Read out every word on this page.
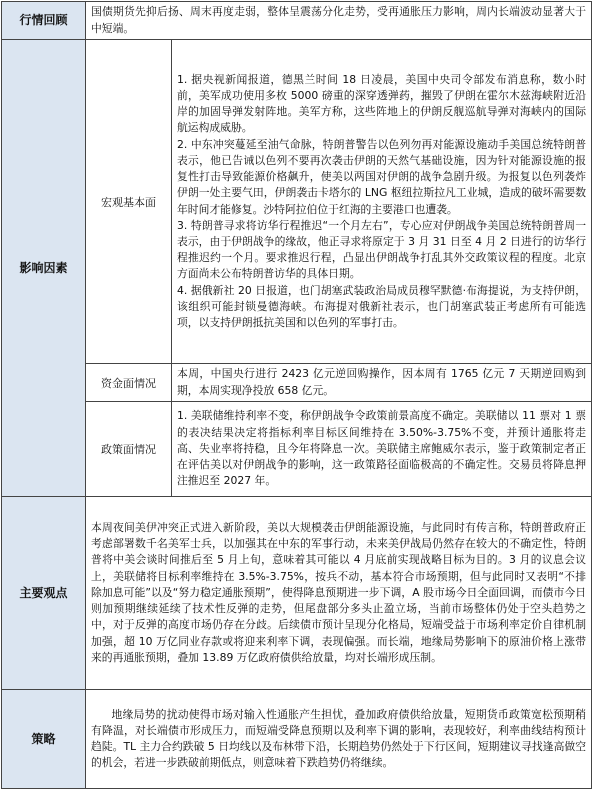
行情回顾	国债期货先抑后扬、周末再度走弱，整体呈震荡分化走势，受再通胀压力影响，周内长端波动显著大于中短端。	

影响因素	宏观基本面	1. 据央视新闻报道，德黑兰时间 18 日凌晨，美国中央司令部发布消息称，数小时前，美军成功使用多枚 5000 磅重的深穿透弹药，摧毁了伊朗在霍尔木兹海峡附近沿岸的加固导弹发射阵地。美军方称，这些阵地上的伊朗反舰巡航导弹对海峡内的国际航运构成威胁。

2. 中东冲突蔓延至油气命脉，特朗普警告以色列勿再对能源设施动手美国总统特朗普表示，他已告诫以色列不要再次袭击伊朗的天然气基础设施，因为针对能源设施的报复性打击导致能源价格飙升，使美以两国对伊朗的战争急剧升级。为报复以色列袭炸伊朗一处主要气田，伊朗袭击卡塔尔的 LNG 枢纽拉斯拉凡工业城，造成的破坏需要数年时间才能修复。沙特阿拉伯位于红海的主要港口也遭袭。

3. 特朗普寻求将访华行程推迟“一个月左右”，专心应对伊朗战争美国总统特朗普周一表示，由于伊朗战争的缘故，他正寻求将原定于 3 月 31 日至 4 月 2 日进行的访华行程推迟约一个月。要求推迟行程，凸显出伊朗战争打乱其外交政策议程的程度。北京方面尚未公布特朗普访华的具体日期。

4. 据俄新社 20 日报道，也门胡塞武装政治局成员穆罕默德·布海提说，为支持伊朗，该组织可能封锁曼德海峡。布海提对俄新社表示，也门胡塞武装正考虑所有可能选项，以支持伊朗抵抗美国和以色列的军事打击。

	资金面情况	本周，中国央行进行 2423 亿元逆回购操作，因本周有 1765 亿元 7 天期逆回购到期，本周实现净投放 658 亿元。

	政策面情况	1. 美联储维持利率不变，称伊朗战争令政策前景高度不确定。美联储以 11 票对 1 票的表决结果决定将指标利率目标区间维持在 3.50%-3.75%不变，并预计通胀将走高、失业率将持稳，且今年将降息一次。美联储主席鲍威尔表示，鉴于政策制定者正在评估美以对伊朗战争的影响，这一政策路径面临极高的不确定性。交易员将降息押注推迟至 2027 年。

主要观点	本周夜间美伊冲突正式进入新阶段，美以大规模袭击伊朗能源设施，与此同时有传言称，特朗普政府正考虑部署数千名美军士兵，以加强其在中东的军事行动，未来美伊战局仍然存在较大的不确定性，特朗普将中美会谈时间推后至 5 月上旬，意味着其可能以 4 月底前实现战略目标为目的。3 月的议息会议上，美联储将目标利率维持在 3.5%-3.75%，按兵不动，基本符合市场预期，但与此同时又表明“不排除加息可能”以及“努力稳定通胀预期”，使得降息预期进一步下调，A 股市场今日全面回调，而债市今日则加预期继续延续了技术性反弹的走势，但尾盘部分多头止盈立场，当前市场整体仍处于空头趋势之中，对于反弹的高度市场仍存在分歧。后续债市预计呈现分化格局，短端受益于市场利率定价自律机制加强，超 10 万亿同业存款或将迎来利率下调，表现偏强。而长端，地缘局势影响下的原油价格上涨带来的再通胀预期，叠加 13.89 万亿政府债供给放量，均对长端形成压制。	

策略	地缘局势的扰动使得市场对输入性通胀产生担忧，叠加政府债供给放量，短期货币政策宽松预期稍有降温，对长端债市形成压力，而短端受降息预期以及利率下调的影响，表现较好，利率曲线结构预计趋陡。TL 主力合约跌破 5 日均线以及布林带下沿，长期趋势仍然处于下行区间，短期建议寻找逢高做空的机会，若进一步跌破前期低点，则意味着下跌趋势仍将继续。	
